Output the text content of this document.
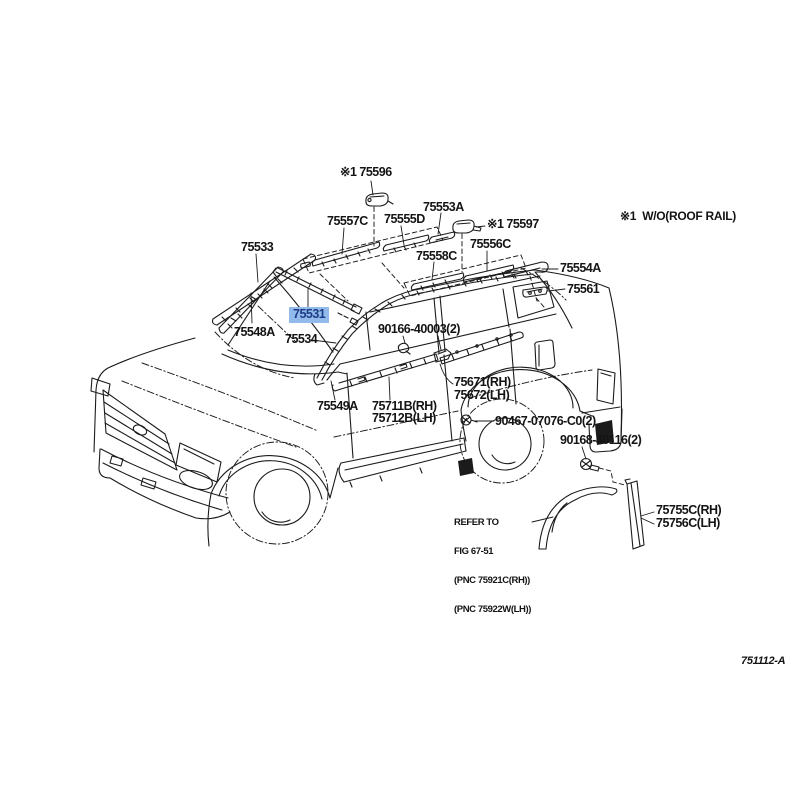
※1 75596
75557C 75555D
75553A
※1 75597
※1  W/O(ROOF RAIL)
75533	75556C
75558C
75554A
75561
75531
75548A 75534
90166-40003(2)
75671(RH)
75672(LH)
75549A 75711B(RH)
75712B(LH)	90467-07076-C0(2)
90168-40116(2)
75755C(RH)
75756C(LH)

REFER TO

FIG 67-51

(PNC 75921C(RH))

(PNC 75922W(LH))

751112-A
